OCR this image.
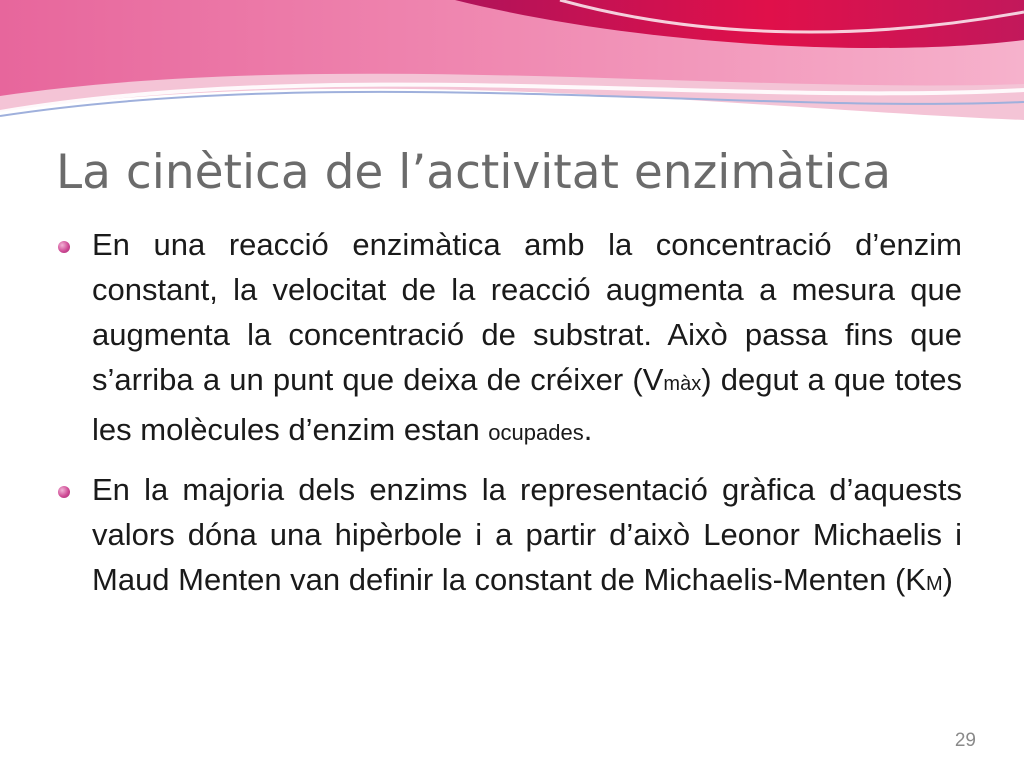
La cinètica de l’activitat enzimàtica
En una reacció enzimàtica amb la concentració d’enzim constant, la velocitat de la reacció augmenta a mesura que augmenta la concentració de substrat. Això passa fins que s’arriba a un punt que deixa de créixer (Vmàx) degut a que totes les molècules d’enzim estan ocupades.
En la majoria dels enzims la representació gràfica d’aquests valors dóna una hipèrbole i a partir d’això Leonor Michaelis i Maud Menten van definir la constant de Michaelis-Menten (KM)
29
